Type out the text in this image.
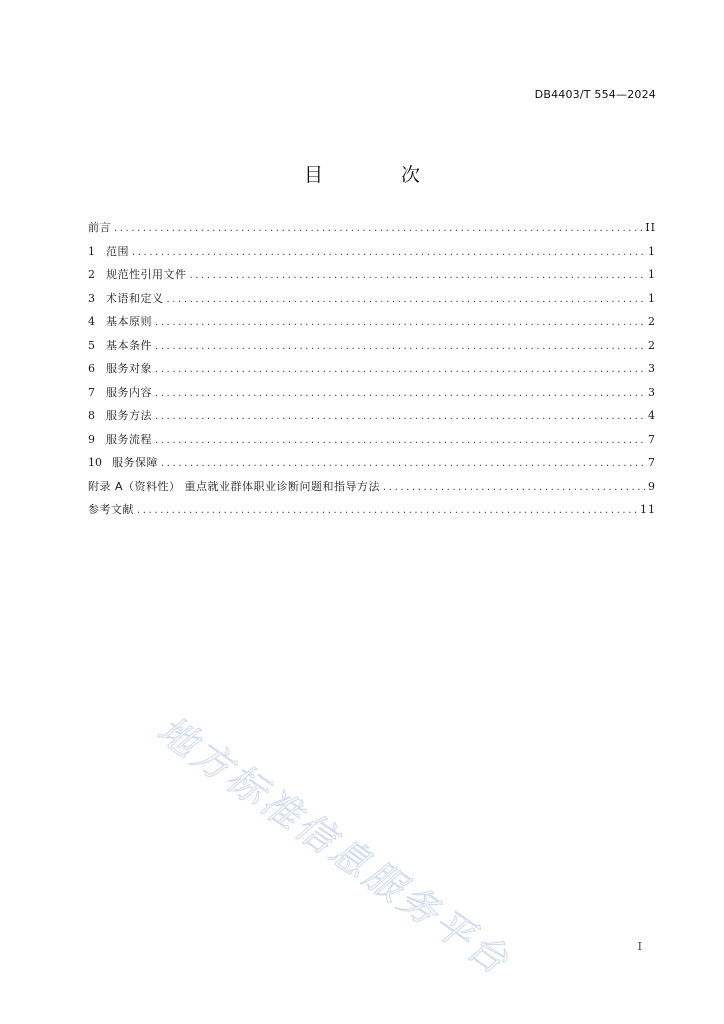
DB4403/T 554—2024
目 次
前言 .....	II
1	范围 .....	1
2	规范性引用文件 .....	1
3	术语和定义 .....	1
4	基本原则 .....	2
5	基本条件 .....	2
6	服务对象 .....	3
7	服务内容 .....	3
8	服务方法 .....	4
9	服务流程 .....	7
10 服务保障 .....	7
附录 A（资料性） 重点就业群体职业诊断问题和指导方法 .....	9
参考文献 .....	11
地方标准信息服务平台	I
